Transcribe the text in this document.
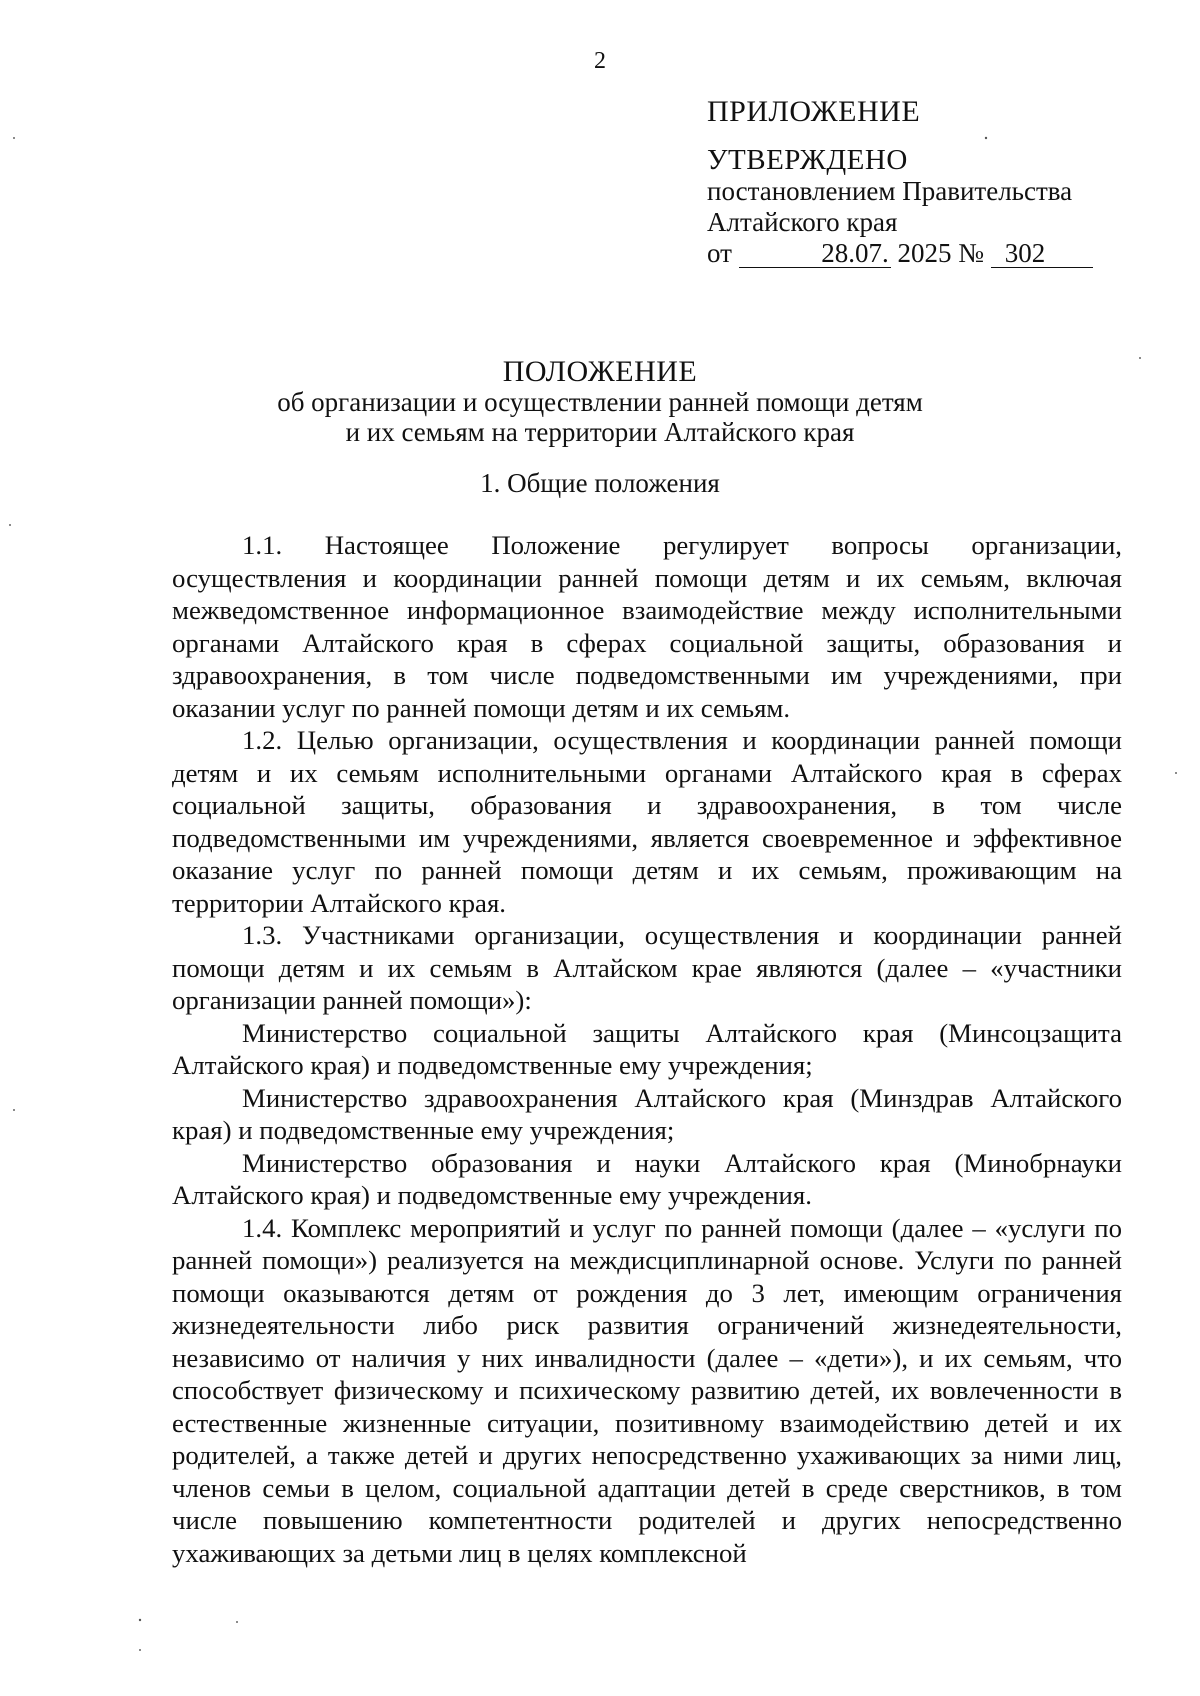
2
ПРИЛОЖЕНИЕ
УТВЕРЖДЕНО
постановлением Правительства
Алтайского края
от	28.07. 2025 № 302
ПОЛОЖЕНИЕ
об организации и осуществлении ранней помощи детям
и их семьям на территории Алтайского края
1. Общие положения

1.1. Настоящее Положение регулирует вопросы организации, осуществления и координации ранней помощи детям и их семьям, включая межведомственное информационное взаимодействие между исполнительными органами Алтайского края в сферах социальной защиты, образования и здравоохранения, в том числе подведомственными им учреждениями, при оказании услуг по ранней помощи детям и их семьям.

1.2. Целью организации, осуществления и координации ранней помощи детям и их семьям исполнительными органами Алтайского края в сферах социальной защиты, образования и здравоохранения, в том числе подведомственными им учреждениями, является своевременное и эффективное оказание услуг по ранней помощи детям и их семьям, проживающим на территории Алтайского края.

1.3. Участниками организации, осуществления и координации ранней помощи детям и их семьям в Алтайском крае являются (далее – «участники организации ранней помощи»):

Министерство социальной защиты Алтайского края (Минсоцзащита Алтайского края) и подведомственные ему учреждения;

Министерство здравоохранения Алтайского края (Минздрав Алтайского края) и подведомственные ему учреждения;

Министерство образования и науки Алтайского края (Минобрнауки Алтайского края) и подведомственные ему учреждения.

1.4. Комплекс мероприятий и услуг по ранней помощи (далее – «услуги по ранней помощи») реализуется на междисциплинарной основе. Услуги по ранней помощи оказываются детям от рождения до 3 лет, имеющим ограничения жизнедеятельности либо риск развития ограничений жизнедеятельности, независимо от наличия у них инвалидности (далее – «дети»), и их семьям, что способствует физическому и психическому развитию детей, их вовлеченности в естественные жизненные ситуации, позитивному взаимодействию детей и их родителей, а также детей и других непосредственно ухаживающих за ними лиц, членов семьи в целом, социальной адаптации детей в среде сверстников, в том числе повышению компетентности родителей и других непосредственно ухаживающих за детьми лиц в целях комплексной
